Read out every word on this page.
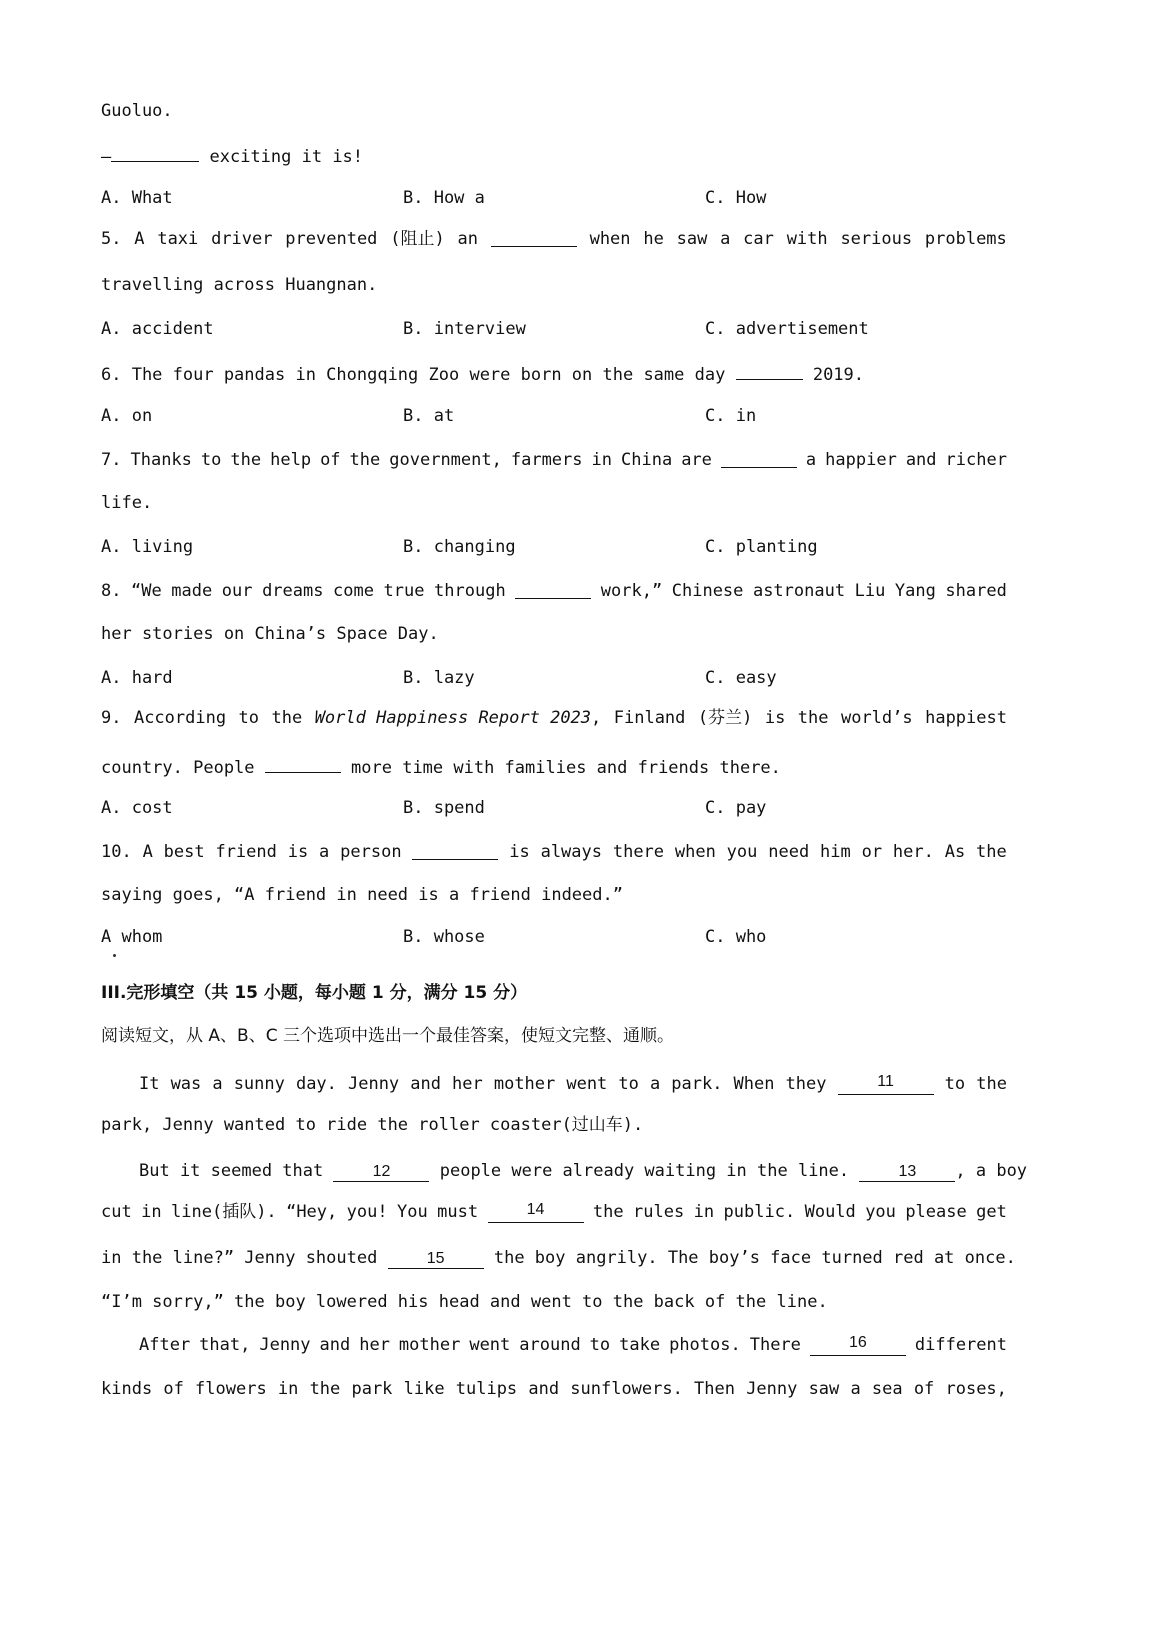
Guoluo.
—	exciting it is!
A. What	B. How a	C. How
5. A taxi driver prevented (阻止) an	when he saw a car with serious problems
travelling across Huangnan.
A. accident	B. interview	C. advertisement
6. The four pandas in Chongqing Zoo were born on the same day	2019.
A. on	B. at	C. in
7. Thanks to the help of the government, farmers in China are	a happier and richer
life.
A. living	B. changing	C. planting
8. “We made our dreams come true through	work,” Chinese astronaut Liu Yang shared
her stories on China’s Space Day.
A. hard	B. lazy	C. easy
9. According to the World Happiness Report 2023, Finland (芬兰) is the world’s happiest
country. People	more time with families and friends there.
A. cost	B. spend	C. pay
10. A best friend is a person	is always there when you need him or her. As the
saying goes, “A friend in need is a friend indeed.”
A whom	B. whose	C. who
III.完形填空（共 15 小题，每小题 1 分，满分 15 分）
阅读短文，从 A、B、C 三个选项中选出一个最佳答案，使短文完整、通顺。
It was a sunny day. Jenny and her mother went to a park. When they	11	to the
park, Jenny wanted to ride the roller coaster(过山车).
But it seemed that	12	people were already waiting in the line.	13 , a boy
cut in line(插队). “Hey, you! You must	14	the rules in public. Would you please get
in the line?” Jenny shouted	15	the boy angrily. The boy’s face turned red at once.
“I’m sorry,” the boy lowered his head and went to the back of the line.
After that, Jenny and her mother went around to take photos. There	16	different
kinds of flowers in the park like tulips and sunflowers. Then Jenny saw a sea of roses,
